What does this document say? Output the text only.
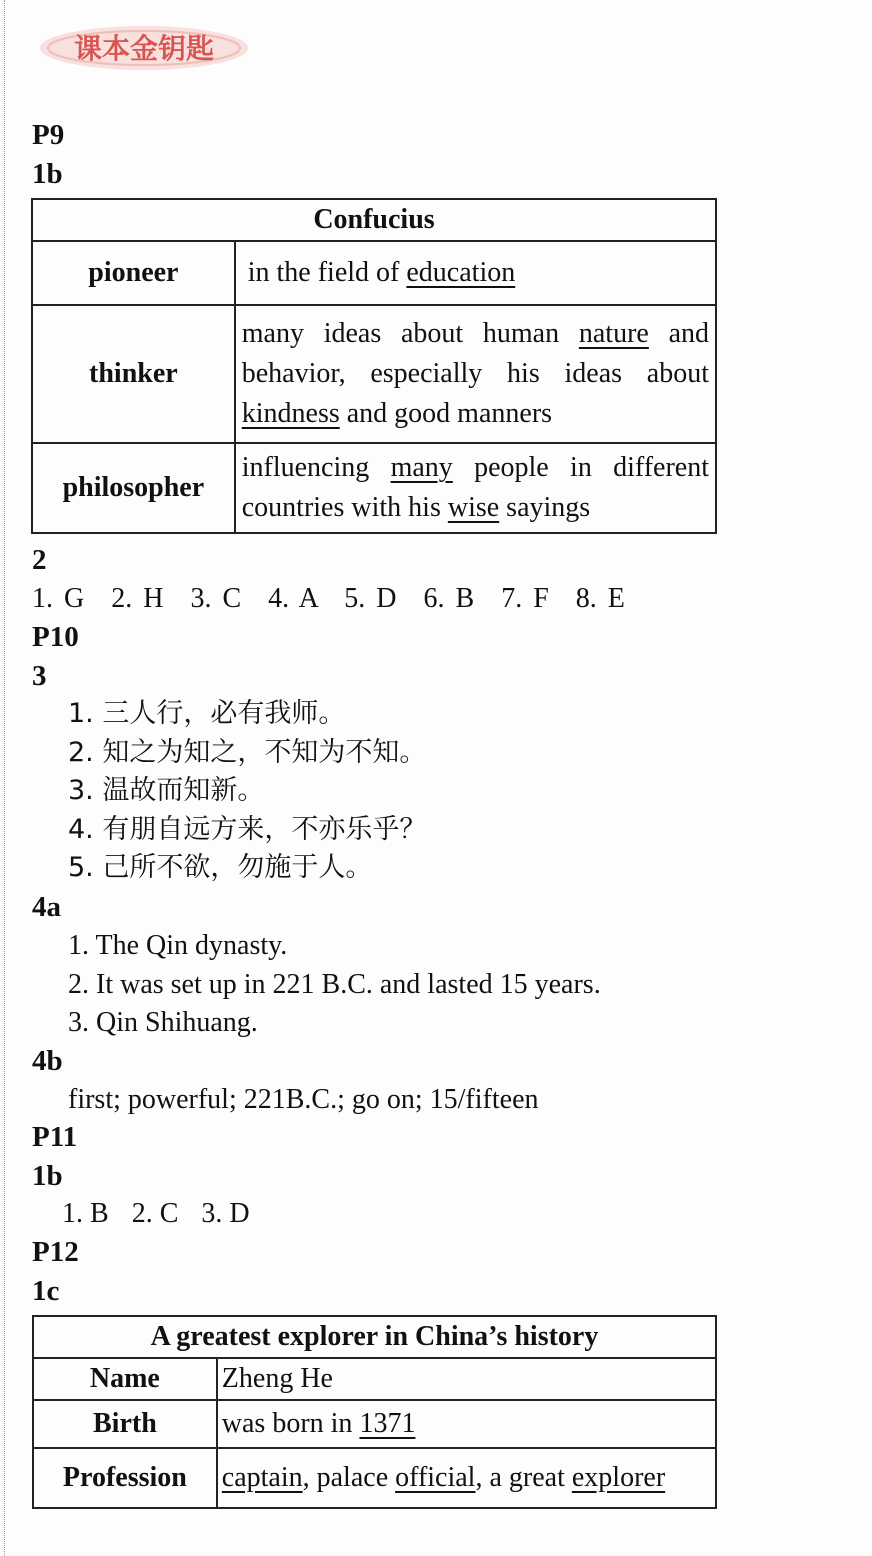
课本金钥匙
P9
1b
Confucius	
pioneer	in the field of education
thinker	many ideas about human nature and behavior, especially his ideas about kindness and good manners
philosopher	influencing many people in different countries with his wise sayings
2
1. G 2. H 3. C 4. A 5. D 6. B 7. F 8. E
P10
3
1. 三人行，必有我师。
2. 知之为知之，不知为不知。
3. 温故而知新。
4. 有朋自远方来，不亦乐乎？
5. 己所不欲，勿施于人。
4a
1. The Qin dynasty.
2. It was set up in 221 B.C. and lasted 15 years.
3. Qin Shihuang.
4b
first; powerful; 221B.C.; go on; 15/fifteen
P11
1b
1. B 2. C 3. D
P12
1c
A greatest explorer in China’s history	
Name	Zheng He
Birth	was born in 1371
Profession	captain, palace official, a great explorer
